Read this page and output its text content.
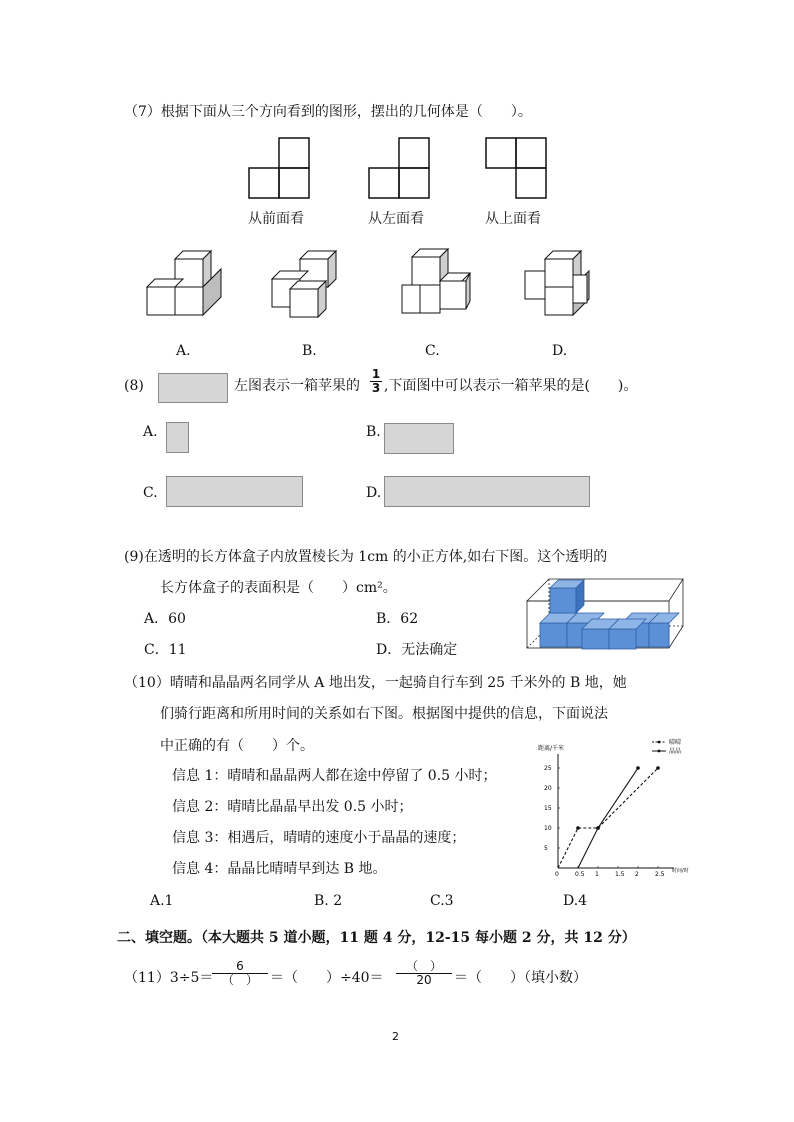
（7）根据下面从三个方向看到的图形，摆出的几何体是（　　）。
从前面看	从左面看	从上面看
A.	B.	C.	D.
(8)	左图表示一箱苹果的
1
3 ,下面图中可以表示一箱苹果的是(　　)。
A.	B.
C.	D.
(9)在透明的长方体盒子内放置棱长为 1cm 的小正方体,如右下图。这个透明的
长方体盒子的表面积是（　　）cm²。
A．60	B．62
C．11	D．无法确定
（10）晴晴和晶晶两名同学从 A 地出发，一起骑自行车到 25 千米外的 B 地，她
们骑行距离和所用时间的关系如右下图。根据图中提供的信息，下面说法
中正确的有（　　）个。
信息 1：晴晴和晶晶两人都在途中停留了 0.5 小时；
信息 2：晴晴比晶晶早出发 0.5 小时；
信息 3：相遇后，晴晴的速度小于晶晶的速度；
信息 4：晶晶比晴晴早到达 B 地。
A.1	B. 2	C.3	D.4
距离/千米
时间/时
0	0.5 1	1.5 2	2.5
5
10
15
20
25
晴晴
晶晶
二、填空题。（本大题共 5 道小题，11 题 4 分，12-15 每小题 2 分，共 12 分）
（11）3÷5＝
6
（　） ＝（　　）÷40＝
（　）
20	＝（　　）（填小数）
2
